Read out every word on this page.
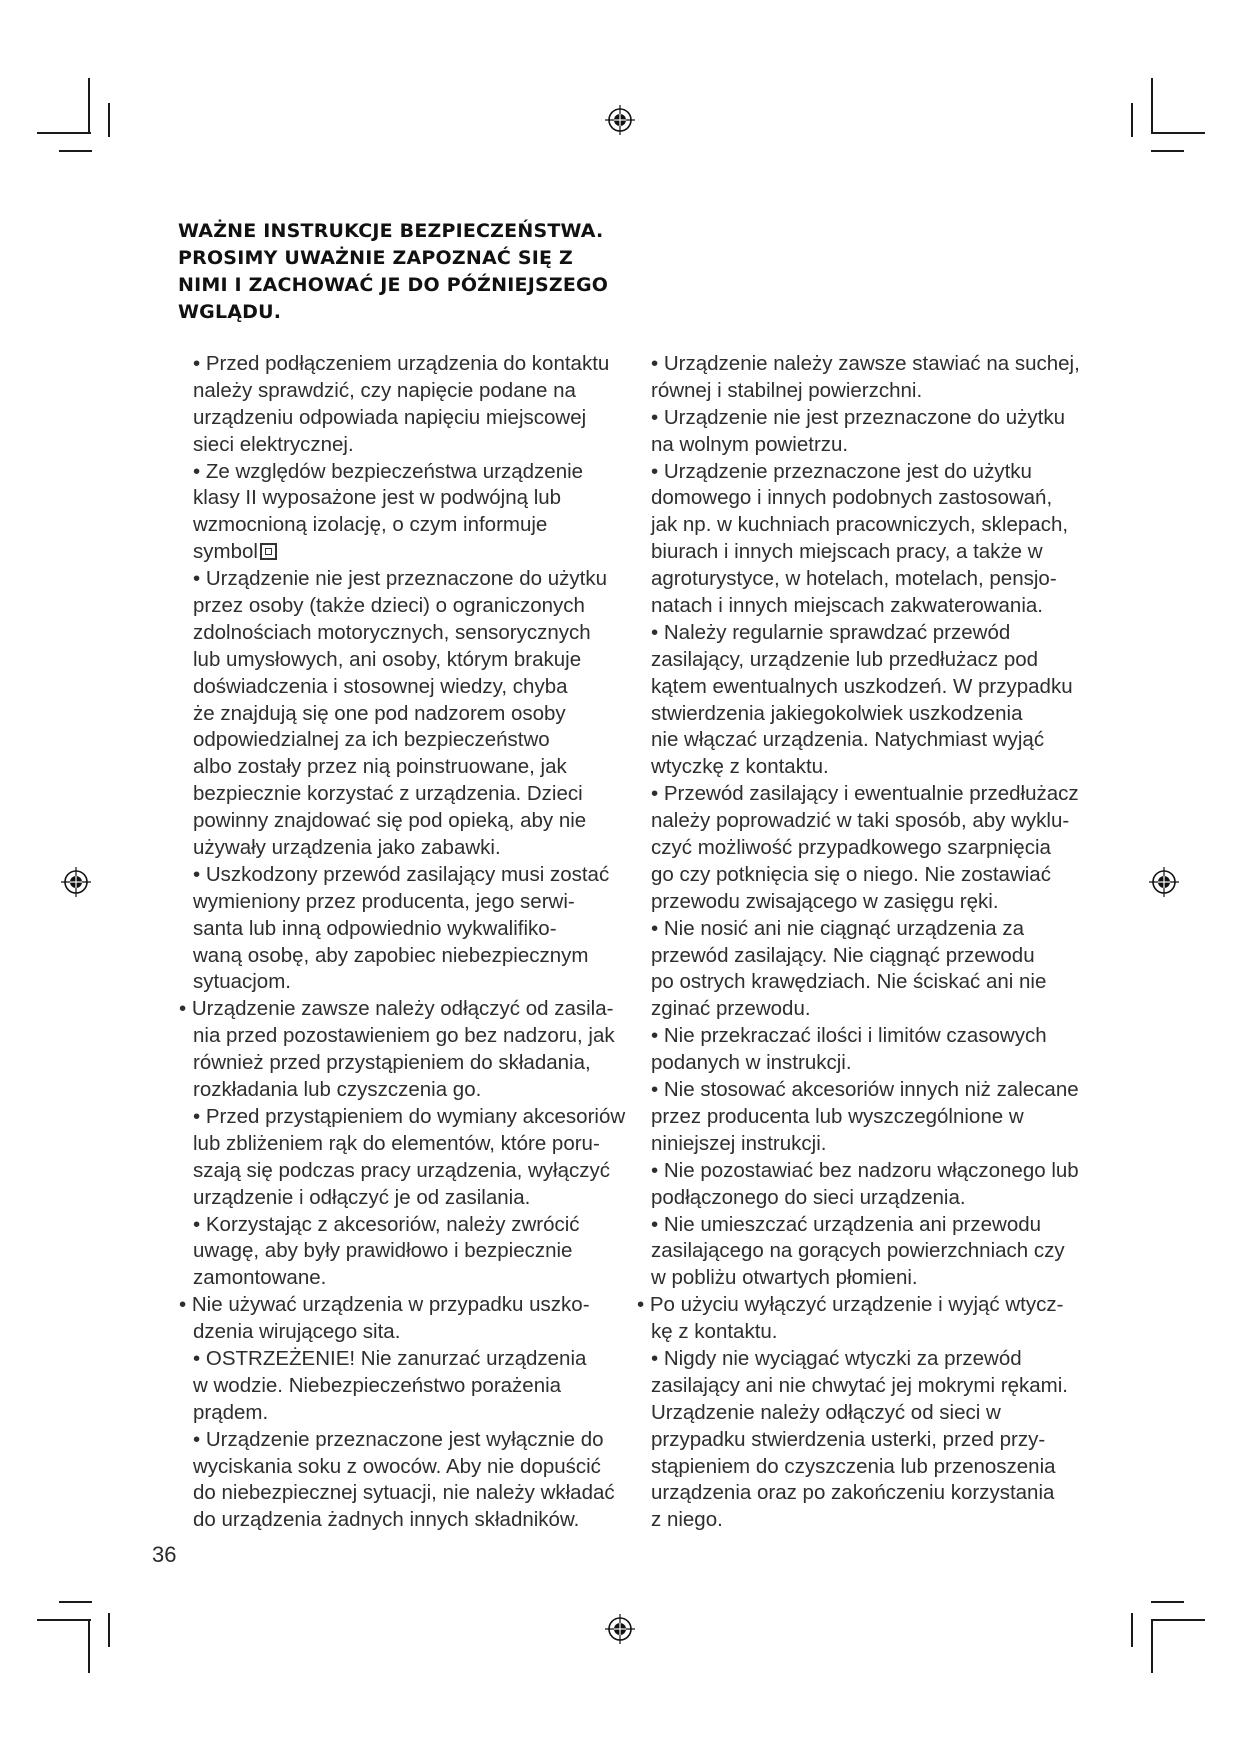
WAŻNE INSTRUKCJE BEZPIECZEŃSTWA.
PROSIMY UWAŻNIE ZAPOZNAĆ SIĘ Z
NIMI I ZACHOWAĆ JE DO PÓŹNIEJSZEGO
WGLĄDU.
• Przed podłączeniem urządzenia do kontaktu
należy sprawdzić, czy napięcie podane na
urządzeniu odpowiada napięciu miejscowej
sieci elektrycznej.
• Ze względów bezpieczeństwa urządzenie
klasy II wyposażone jest w podwójną lub
wzmocnioną izolację, o czym informuje
symbol
• Urządzenie nie jest przeznaczone do użytku
przez osoby (także dzieci) o ograniczonych
zdolnościach motorycznych, sensorycznych
lub umysłowych, ani osoby, którym brakuje
doświadczenia i stosownej wiedzy, chyba
że znajdują się one pod nadzorem osoby
odpowiedzialnej za ich bezpieczeństwo
albo zostały przez nią poinstruowane, jak
bezpiecznie korzystać z urządzenia. Dzieci
powinny znajdować się pod opieką, aby nie
używały urządzenia jako zabawki.
• Uszkodzony przewód zasilający musi zostać
wymieniony przez producenta, jego serwi-
santa lub inną odpowiednio wykwalifiko-
waną osobę, aby zapobiec niebezpiecznym
sytuacjom.
• Urządzenie zawsze należy odłączyć od zasila-
nia przed pozostawieniem go bez nadzoru, jak
również przed przystąpieniem do składania,
rozkładania lub czyszczenia go.
• Przed przystąpieniem do wymiany akcesoriów
lub zbliżeniem rąk do elementów, które poru-
szają się podczas pracy urządzenia, wyłączyć
urządzenie i odłączyć je od zasilania.
• Korzystając z akcesoriów, należy zwrócić
uwagę, aby były prawidłowo i bezpiecznie
zamontowane.
• Nie używać urządzenia w przypadku uszko-
dzenia wirującego sita.
• OSTRZEŻENIE! Nie zanurzać urządzenia
w wodzie. Niebezpieczeństwo porażenia
prądem.
• Urządzenie przeznaczone jest wyłącznie do
wyciskania soku z owoców. Aby nie dopuścić
do niebezpiecznej sytuacji, nie należy wkładać
do urządzenia żadnych innych składników.
• Urządzenie należy zawsze stawiać na suchej,
równej i stabilnej powierzchni.
• Urządzenie nie jest przeznaczone do użytku
na wolnym powietrzu.
• Urządzenie przeznaczone jest do użytku
domowego i innych podobnych zastosowań,
jak np. w kuchniach pracowniczych, sklepach,
biurach i innych miejscach pracy, a także w
agroturystyce, w hotelach, motelach, pensjo-
natach i innych miejscach zakwaterowania.
• Należy regularnie sprawdzać przewód
zasilający, urządzenie lub przedłużacz pod
kątem ewentualnych uszkodzeń. W przypadku
stwierdzenia jakiegokolwiek uszkodzenia
nie włączać urządzenia. Natychmiast wyjąć
wtyczkę z kontaktu.
• Przewód zasilający i ewentualnie przedłużacz
należy poprowadzić w taki sposób, aby wyklu-
czyć możliwość przypadkowego szarpnięcia
go czy potknięcia się o niego. Nie zostawiać
przewodu zwisającego w zasięgu ręki.
• Nie nosić ani nie ciągnąć urządzenia za
przewód zasilający. Nie ciągnąć przewodu
po ostrych krawędziach. Nie ściskać ani nie
zginać przewodu.
• Nie przekraczać ilości i limitów czasowych
podanych w instrukcji.
• Nie stosować akcesoriów innych niż zalecane
przez producenta lub wyszczególnione w
niniejszej instrukcji.
• Nie pozostawiać bez nadzoru włączonego lub
podłączonego do sieci urządzenia.
• Nie umieszczać urządzenia ani przewodu
zasilającego na gorących powierzchniach czy
w pobliżu otwartych płomieni.
• Po użyciu wyłączyć urządzenie i wyjąć wtycz-
kę z kontaktu.
• Nigdy nie wyciągać wtyczki za przewód
zasilający ani nie chwytać jej mokrymi rękami.
Urządzenie należy odłączyć od sieci w
przypadku stwierdzenia usterki, przed przy-
stąpieniem do czyszczenia lub przenoszenia
urządzenia oraz po zakończeniu korzystania
z niego.
36
